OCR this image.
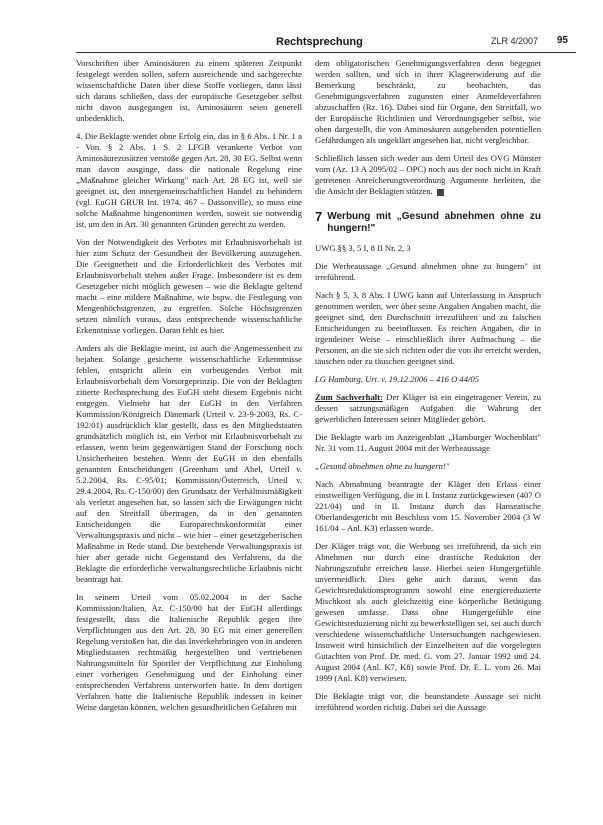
Rechtsprechung	ZLR 4/2007 95

Vorschriften über Aminosäuren zu einem späteren Zeitpunkt festgelegt werden sollen, sofern ausreichende und sachgerechte wissenschaftliche Daten über diese Stoffe vorliegen, dann lässt sich daraus schließen, dass der europäische Gesetzgeber selbst nicht davon ausgegangen ist, Aminosäuren seien generell unbedenklich.

4. Die Beklagte wendet ohne Erfolg ein, das in § 6 Abs. 1 Nr. 1 a - Von. § 2 Abs. 1 S. 2 LFGB verankerte Verbot von Aminosäurezusätzen verstoße gegen Art. 28, 30 EG. Selbst wenn man davon ausginge, dass die nationale Regelung eine „Maßnahme gleicher Wirkung" nach Art. 28 EG ist, weil sie geeignet ist, den innergemeinschaftlichen Handel zu behindern (vgl. EuGH GRUR Int. 1974, 467 – Dassonville), so muss eine solche Maßnahme hingenommen werden, soweit sie notwendig ist, um den in Art. 30 genannten Gründen gerecht zu werden.

Von der Notwendigkeit des Verbotes mit Erlaubnisvorbehalt ist hier zum Schutz der Gesundheit der Bevölkerung auszugehen. Die Geeignetheit und die Erforderlichkeit des Verbotes mit Erlaubnisvorbehalt stehen außer Frage. Insbesondere ist es dem Gesetzgeber nicht möglich gewesen – wie die Beklagte geltend macht – eine mildere Maßnahme, wie bspw. die Festlegung von Mengenhöchstgrenzen, zu ergreifen. Solche Höchstgrenzen setzen nämlich voraus, dass entsprechende wissenschaftliche Erkenntnisse vorliegen. Daran fehlt es hier.

Anders als die Beklagte meint, ist auch die Angemessenheit zu bejahen. Solange gesicherte wissenschaftliche Erkenntnisse fehlen, entspricht allein ein vorbeugendes Verbot mit Erlaubnisvorbehalt dem Vorsorgeprinzip. Die von der Beklagten zitierte Rechtsprechung des EuGH steht diesem Ergebnis nicht entgegen. Vielmehr hat der EuGH in den Verfahren Kommission/Königreich Dänemark (Urteil v. 23-9-2003, Rs. C-192/01) ausdrücklich klar gestellt, dass es den Mitgliedstaaten grundsätzlich möglich ist, ein Verbot mit Erlaubnisvorbehalt zu erlassen, wenn beim gegenwärtigen Stand der Forschung noch Unsicherheiten bestehen. Wenn der EuGH in den ebenfalls genannten Entscheidungen (Greenham und Abel, Urteil v. 5.2.2004, Rs. C-95/01; Kommission/Österreich, Urteil v. 29.4.2004, Rs. C-150/00) den Grundsatz der Verhältnismäßigkeit als verletzt angesehen hat, so lassen sich die Erwägungen nicht auf den Streitfall übertragen, da in den genannten Entscheidungen die Europarechtskonformität einer Verwaltungspraxis und nicht – wie hier – einer gesetzgeberischen Maßnahme in Rede stand. Die bestehende Verwaltungspraxis ist hier aber gerade nicht Gegenstand des Verfahrens, da die Beklagte die erforderliche verwaltungsrechtliche Erlaubnis nicht beantragt hat.

In seinem Urteil vom 05.02.2004 in der Sache Kommission/Italien, Az. C-150/00 hat der EuGH allerdings festgestellt, dass die Italienische Republik gegen ihre Verpflichtungen aus den Art. 28, 30 EG mit einer generellen Regelung verstoßen hat, die das Inverkehrbringen von in anderen Mitgliedstaaten rechtmäßig hergestellten und vertriebenen Nahrungsmitteln für Sportler der Verpflichtung zur Einholung einer vorherigen Genehmigung und der Einholung einer entsprechenden Verfahrens unterworfen hatte. In dem dortigen Verfahren hatte die Italienische Republik indessen in keiner Weise dargetan können, welchen gesundheitlichen Gefahren mit

dem obligatorischen Genehmigungsverfahren denn begegnet werden sollten, und sich in ihrer Klageerwiderung auf die Bemerkung beschränkt, zu beobachten, das Genehmigungsverfahren zugunsten einer Anmeldeverfahren abzuschaffen (Rz. 16). Dabei sind für Organe, den Streitfall, wo der Europäische Richtlinien und Verordnungsgeber selbst, wie oben dargestellt, die von Aminosäuren ausgehenden potentiellen Gefährdungen als ungeklärt angesehen hat, nicht vergleichbar.

Schließlich lassen sich weder aus dem Urteil des OVG Münster vom (Az. 13 A 2095/02 – OPC) noch aus der noch nicht in Kraft getretenen Anreicherungsverordnung Argumente herleiten, die die Ansicht der Beklagten stützen.

7 Werbung mit „Gesund abnehmen ohne zu hungern!"

UWG §§ 3, 5 I, 8 II Nr. 2, 3

Die Werbeaussage „Gesund abnehmen ohne zu hungern" ist irreführend.

Nach § 5, 3, 8 Abs. I UWG kann auf Unterlassung in Anspruch genommen werden, wer über seine Angaben Angaben macht, die geeignet sind, den Durchschnitt irrezuführen und zu falschen Entscheidungen zu beeinflussen. Es reichen Angaben, die in irgendeiner Weise – einschließlich ihrer Aufmachung – die Personen, an die sie sich richten oder die von ihr erreicht werden, täuschen oder zu täuschen geeignet sind.

LG Hamburg, Urt. v. 19.12.2006 – 416 O 44/05

Zum Sachverhalt: Der Kläger ist ein eingetragener Verein, zu dessen satzungsmäßigen Aufgaben die Wahrung der gewerblichen Interessen seiner Mitglieder gehört.

Die Beklagte warb im Anzeigenblatt „Hamburger Wochenblatt" Nr. 31 vom 11. August 2004 mit der Werbeaussage

„Gesund abnehmen ohne zu hungern!"

Nach Abmahnung beantragte der Kläger den Erlass einer einstweiligen Verfügung, die in I. Instanz zurückgewiesen (407 O 221/04) und in II. Instanz durch das Hanseatische Oberlandesgericht mit Beschluss vom 15. November 2004 (3 W 161/04 – Anl. K3) erlassen wurde.

Der Kläger trägt vor, die Werbung sei irreführend, da sich ein Abnehmen nur durch eine drastische Reduktion der Nahrungszufuhr erreichen lasse. Hierbei seien Hungergefühle unvermeidlich. Dies gehe auch daraus, wenn das Gewichtsreduktionsprogramm sowohl eine energiereduzierte Mischkost als auch gleichzeitig eine körperliche Betätigung gewesen umfasse. Dass ohne Hungergefühle eine Gewichtsreduzierung nicht zu bewerkstelligen sei, sei auch durch verschiedene wissenschaftliche Untersuchungen nachgewiesen. Insoweit wird hinsichtlich der Einzelheiten auf die vorgelegten Gutachten von Prof. Dr. med. G. vom 27. Januar 1992 und 24. August 2004 (Anl. K7, K8) sowie Prof. Dr. E. L. vom 26. Mai 1999 (Anl. K8) verwiesen.

Die Beklagte trägt vor, die beanstandete Aussage sei nicht irreführend worden richtig. Dabei sei die Aussage
